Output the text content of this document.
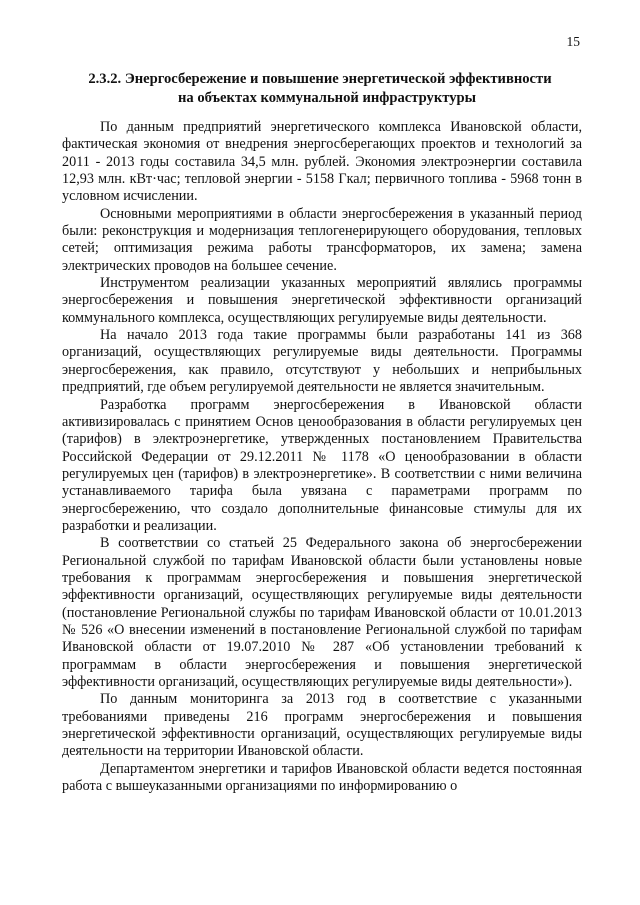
15
2.3.2. Энергосбережение и повышение энергетической эффективности
на объектах коммунальной инфраструктуры

По данным предприятий энергетического комплекса Ивановской области, фактическая экономия от внедрения энергосберегающих проектов и технологий за 2011 - 2013 годы составила 34,5 млн. рублей. Экономия электроэнергии составила 12,93 млн. кВт·час; тепловой энергии - 5158 Гкал; первичного топлива - 5968 тонн в условном исчислении.

Основными мероприятиями в области энергосбережения в указанный период были: реконструкция и модернизация теплогенерирующего оборудования, тепловых сетей; оптимизация режима работы трансформаторов, их замена; замена электрических проводов на большее сечение.

Инструментом реализации указанных мероприятий являлись программы энергосбережения и повышения энергетической эффективности организаций коммунального комплекса, осуществляющих регулируемые виды деятельности.

На начало 2013 года такие программы были разработаны 141 из 368 организаций, осуществляющих регулируемые виды деятельности. Программы энергосбережения, как правило, отсутствуют у небольших и неприбыльных предприятий, где объем регулируемой деятельности не является значительным.

Разработка программ энергосбережения в Ивановской области активизировалась с принятием Основ ценообразования в области регулируемых цен (тарифов) в электроэнергетике, утвержденных постановлением Правительства Российской Федерации от 29.12.2011 № 1178 «О ценообразовании в области регулируемых цен (тарифов) в электроэнергетике». В соответствии с ними величина устанавливаемого тарифа была увязана с параметрами программ по энергосбережению, что создало дополнительные финансовые стимулы для их разработки и реализации.

В соответствии со статьей 25 Федерального закона об энергосбережении Региональной службой по тарифам Ивановской области были установлены новые требования к программам энергосбережения и повышения энергетической эффективности организаций, осуществляющих регулируемые виды деятельности (постановление Региональной службы по тарифам Ивановской области от 10.01.2013 № 526 «О внесении изменений в постановление Региональной службой по тарифам Ивановской области от 19.07.2010 № 287 «Об установлении требований к программам в области энергосбережения и повышения энергетической эффективности организаций, осуществляющих регулируемые виды деятельности»).

По данным мониторинга за 2013 год в соответствие с указанными требованиями приведены 216 программ энергосбережения и повышения энергетической эффективности организаций, осуществляющих регулируемые виды деятельности на территории Ивановской области.

Департаментом энергетики и тарифов Ивановской области ведется постоянная работа с вышеуказанными организациями по информированию о
